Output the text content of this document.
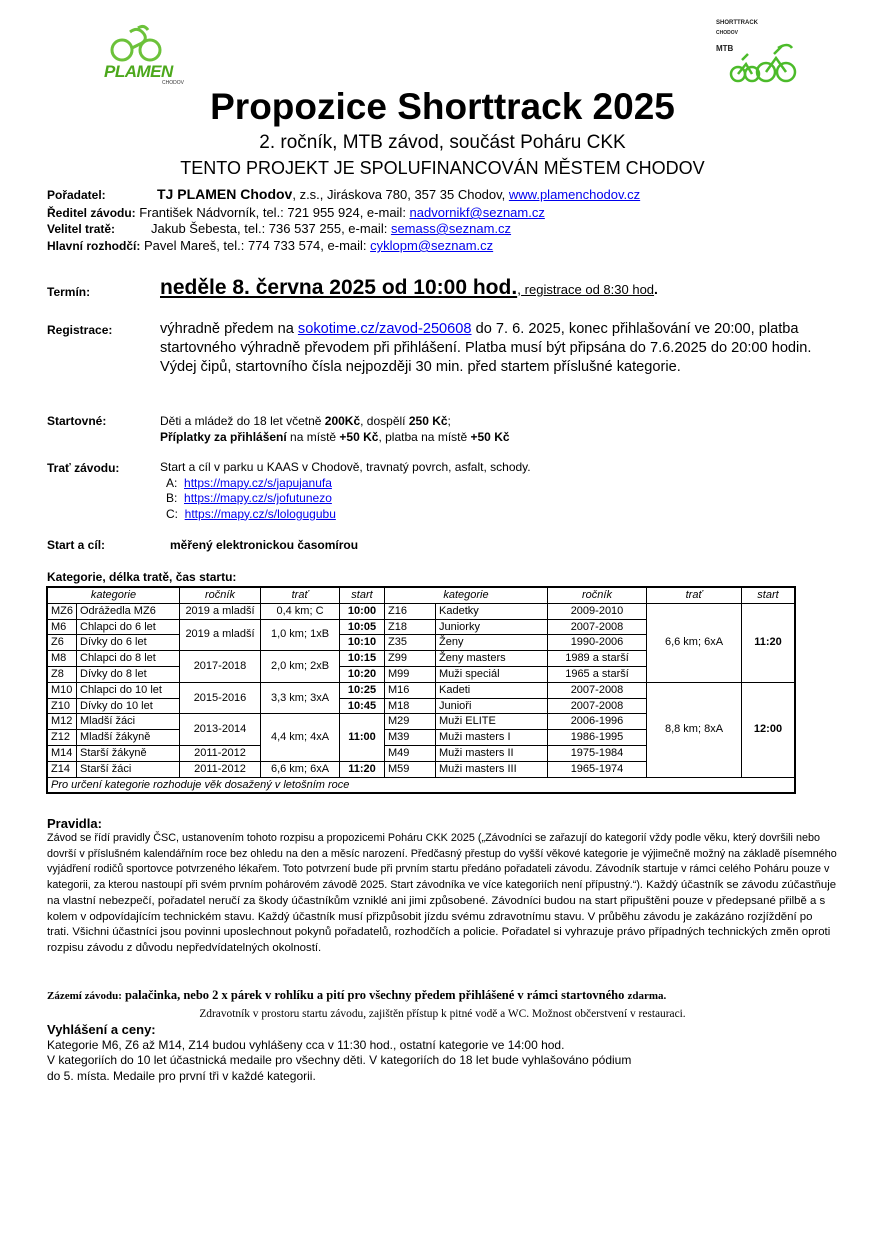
PLAMEN
CHODOV
SHORTTRACK
CHODOV
MTB
Propozice Shorttrack 2025
2. ročník, MTB závod, součást Poháru CKK
TENTO PROJEKT JE SPOLUFINANCOVÁN MĚSTEM CHODOV
Pořadatel:	TJ PLAMEN Chodov, z.s., Jiráskova 780, 357 35 Chodov, www.plamenchodov.cz
Ředitel závodu: František Nádvorník, tel.: 721 955 924, e-mail: nadvornikf@seznam.cz
Velitel tratě:	Jakub Šebesta, tel.: 736 537 255, e-mail: semass@seznam.cz
Hlavní rozhodčí: Pavel Mareš, tel.: 774 733 574, e-mail: cyklopm@seznam.cz
Termín:	neděle 8. června 2025 od 10:00 hod., registrace od 8:30 hod.
Registrace:	výhradně předem na sokotime.cz/zavod-250608 do 7. 6. 2025, konec přihlašování ve 20:00, platba startovného výhradně převodem při přihlášení. Platba musí být připsána do 7.6.2025 do 20:00 hodin. Výdej čipů, startovního čísla nejpozději 30 min. před startem příslušné kategorie.
Startovné:	Děti a mládež do 18 let včetně 200Kč, dospělí 250 Kč;
Příplatky za přihlášení na místě +50 Kč, platba na místě +50 Kč
Trať závodu:	Start a cíl v parku u KAAS v Chodově, travnatý povrch, asfalt, schody.
A: https://mapy.cz/s/japujanufa
B: https://mapy.cz/s/jofutunezo
C: https://mapy.cz/s/lologugubu
Start a cíl:	měřený elektronickou časomírou
Kategorie, délka tratě, čas startu:
kategorie		ročník	trať	start	kategorie		ročník	trať	start
MZ6	Odrážedla MZ6	2019 a mladší	0,4 km; C	10:00	Z16	Kadetky	2009-2010	6,6 km; 6xA	11:20
M6	Chlapci do 6 let	2019 a mladší	1,0 km; 1xB	10:05	Z18	Juniorky	2007-2008		
Z6	Dívky do 6 let			10:10	Z35	Ženy	1990-2006		
M8	Chlapci do 8 let	2017-2018	2,0 km; 2xB	10:15	Z99	Ženy masters	1989 a starší		
Z8	Dívky do 8 let			10:20	M99	Muži speciál	1965 a starší		
M10	Chlapci do 10 let	2015-2016	3,3 km; 3xA	10:25	M16	Kadeti	2007-2008	8,8 km; 8xA	12:00
Z10	Dívky do 10 let			10:45	M18	Junioři	2007-2008		
M12	Mladší žáci	2013-2014	4,4 km; 4xA	11:00	M29	Muži ELITE	2006-1996		
Z12	Mladší žákyně				M39	Muži masters I	1986-1995		
M14	Starší žákyně	2011-2012			M49	Muži masters II	1975-1984		
Z14	Starší žáci	2011-2012	6,6 km; 6xA	11:20	M59	Muži masters III	1965-1974		
Pro určení kategorie rozhoduje věk dosažený v letošním roce									
Pravidla:
Závod se řídí pravidly ČSC, ustanovením tohoto rozpisu a propozicemi Poháru CKK 2025 („Závodníci se zařazují do kategorií vždy podle věku, který dovršili nebo dovrší v příslušném kalendářním roce bez ohledu na den a měsíc narození. Předčasný přestup do vyšší věkové kategorie je výjimečně možný na základě písemného vyjádření rodičů sportovce potvrzeného lékařem. Toto potvrzení bude při prvním startu předáno pořadateli závodu. Závodník startuje v rámci celého Poháru pouze v kategorii, za kterou nastoupí při svém prvním pohárovém závodě 2025. Start závodníka ve více kategoriích není přípustný.“). Každý účastník se závodu zúčastňuje na vlastní nebezpečí, pořadatel neručí za škody účastníkům vzniklé ani jimi způsobené. Závodníci budou na start připuštěni pouze v předepsané přilbě a s kolem v odpovídajícím technickém stavu. Každý účastník musí přizpůsobit jízdu svému zdravotnímu stavu. V průběhu závodu je zakázáno rozjíždění po trati. Všichni účastníci jsou povinni uposlechnout pokynů pořadatelů, rozhodčích a policie. Pořadatel si vyhrazuje právo případných technických změn oproti rozpisu závodu z důvodu nepředvídatelných okolností.
Zázemí závodu: palačinka, nebo 2 x párek v rohlíku a pití pro všechny předem přihlášené v rámci startovného zdarma.
Zdravotník v prostoru startu závodu, zajištěn přístup k pitné vodě a WC. Možnost občerstvení v restauraci.
Vyhlášení a ceny:
Kategorie M6, Z6 až M14, Z14 budou vyhlášeny cca v 11:30 hod., ostatní kategorie ve 14:00 hod.
V kategoriích do 10 let účastnická medaile pro všechny děti. V kategoriích do 18 let bude vyhlašováno pódium
do 5. místa. Medaile pro první tři v každé kategorii.
